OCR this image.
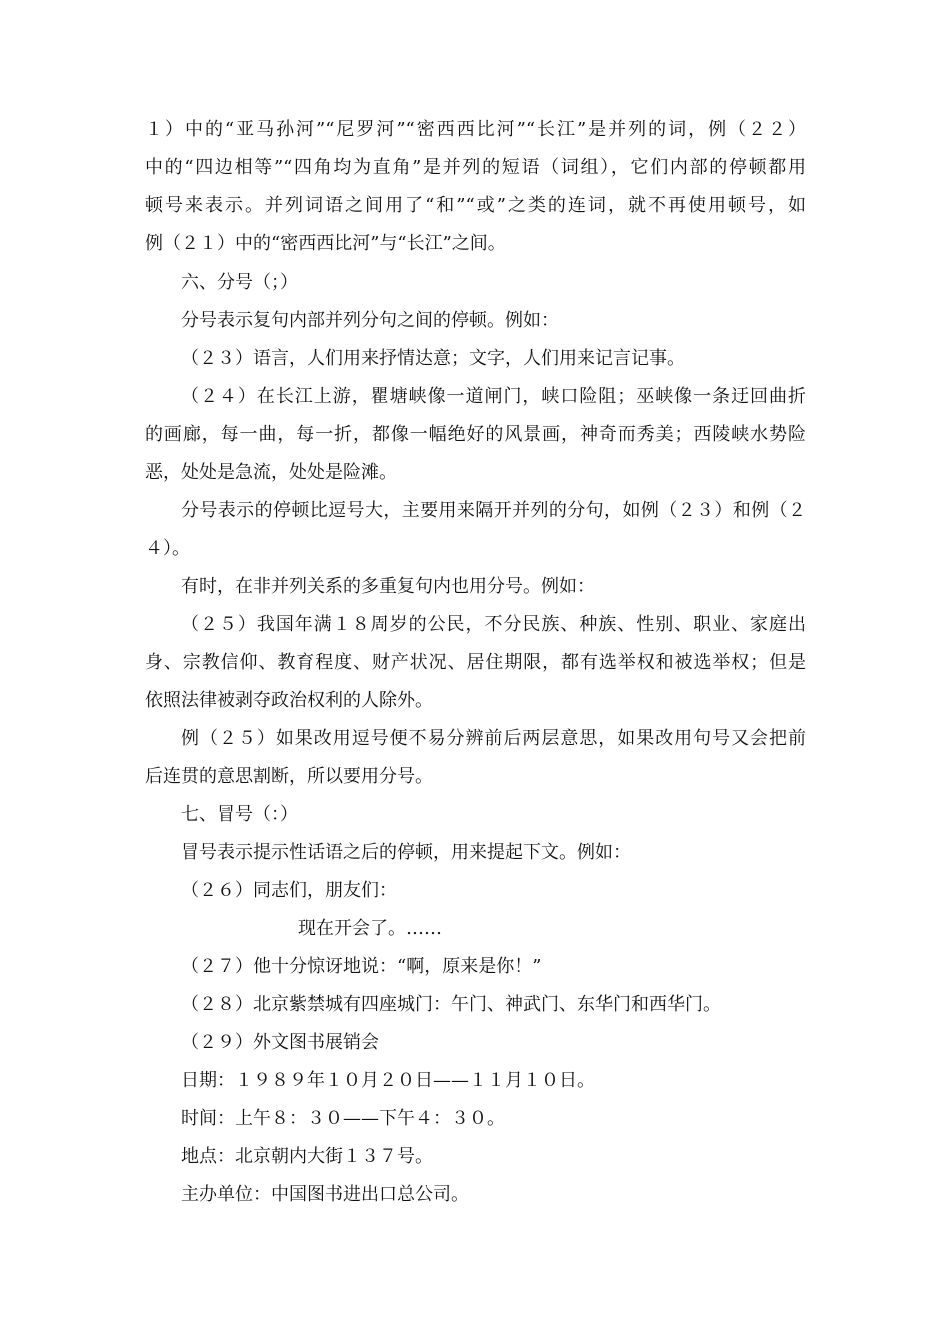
１）中的“亚马孙河”“尼罗河”“密西西比河”“长江”是并列的词，例（２２）
中的“四边相等”“四角均为直角”是并列的短语（词组），它们内部的停顿都用
顿号来表示。并列词语之间用了“和”“或”之类的连词，就不再使用顿号，如
例（２１）中的“密西西比河”与“长江”之间。
六、分号（；）
分号表示复句内部并列分句之间的停顿。例如：
（２３）语言，人们用来抒情达意；文字，人们用来记言记事。
（２４）在长江上游，瞿塘峡像一道闸门，峡口险阻；巫峡像一条迂回曲折
的画廊，每一曲，每一折，都像一幅绝好的风景画，神奇而秀美；西陵峡水势险
恶，处处是急流，处处是险滩。
分号表示的停顿比逗号大，主要用来隔开并列的分句，如例（２３）和例（２
４）。
有时，在非并列关系的多重复句内也用分号。例如：
（２５）我国年满１８周岁的公民，不分民族、种族、性别、职业、家庭出
身、宗教信仰、教育程度、财产状况、居住期限，都有选举权和被选举权；但是
依照法律被剥夺政治权利的人除外。
例（２５）如果改用逗号便不易分辨前后两层意思，如果改用句号又会把前
后连贯的意思割断，所以要用分号。
七、冒号（：）
冒号表示提示性话语之后的停顿，用来提起下文。例如：
（２６）同志们，朋友们：
现在开会了。……
（２７）他十分惊讶地说：“啊，原来是你！”
（２８）北京紫禁城有四座城门：午门、神武门、东华门和西华门。
（２９）外文图书展销会
日期：１９８９年１０月２０日——１１月１０日。
时间：上午８：３０——下午４：３０。
地点：北京朝内大街１３７号。
主办单位：中国图书进出口总公司。
